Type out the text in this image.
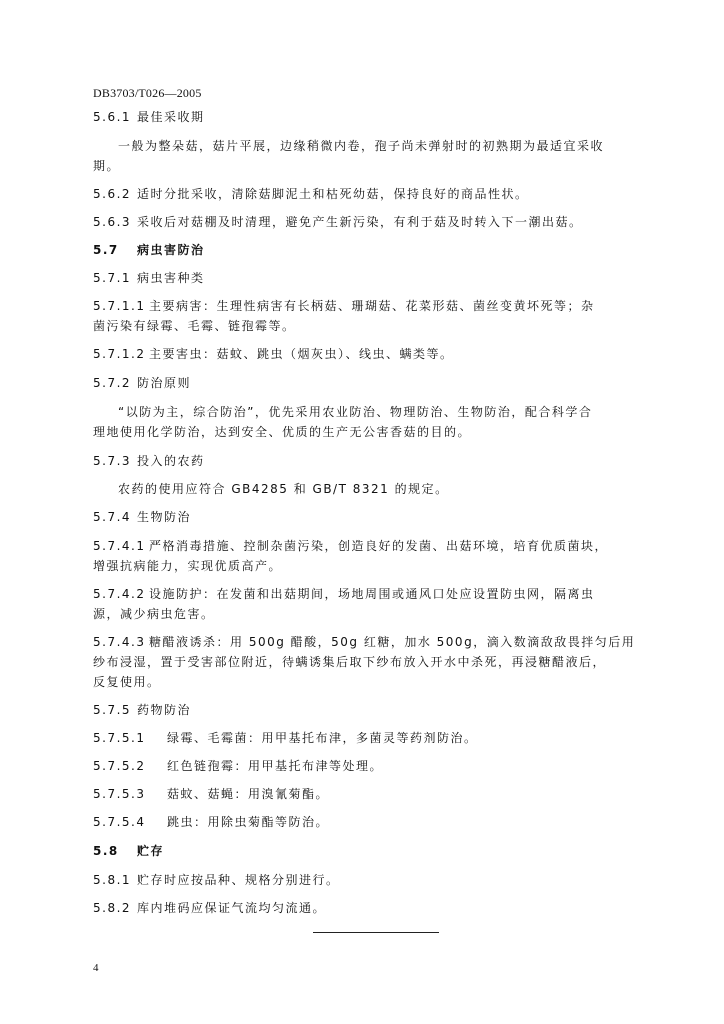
DB3703/T026—2005
5.6.1 最佳采收期
一般为整朵菇，菇片平展，边缘稍微内卷，孢子尚未弹射时的初熟期为最适宜采收
期。
5.6.2 适时分批采收，清除菇脚泥土和枯死幼菇，保持良好的商品性状。
5.6.3 采收后对菇棚及时清理，避免产生新污染，有利于菇及时转入下一潮出菇。
5.7 病虫害防治
5.7.1 病虫害种类
5.7.1.1 主要病害：生理性病害有长柄菇、珊瑚菇、花菜形菇、菌丝变黄坏死等；杂
菌污染有绿霉、毛霉、链孢霉等。
5.7.1.2 主要害虫：菇蚊、跳虫（烟灰虫）、线虫、螨类等。
5.7.2 防治原则
“以防为主，综合防治”，优先采用农业防治、物理防治、生物防治，配合科学合
理地使用化学防治，达到安全、优质的生产无公害香菇的目的。
5.7.3 投入的农药
农药的使用应符合 GB4285 和 GB/T 8321 的规定。
5.7.4 生物防治
5.7.4.1 严格消毒措施、控制杂菌污染，创造良好的发菌、出菇环境，培育优质菌块，
增强抗病能力，实现优质高产。
5.7.4.2 设施防护：在发菌和出菇期间，场地周围或通风口处应设置防虫网，隔离虫
源，减少病虫危害。
5.7.4.3 糖醋液诱杀：用 500g 醋酸，50g 红糖，加水 500g，滴入数滴敌敌畏拌匀后用
纱布浸湿，置于受害部位附近，待螨诱集后取下纱布放入开水中杀死，再浸糖醋液后，
反复使用。
5.7.5 药物防治
5.7.5.1 绿霉、毛霉菌：用甲基托布津，多菌灵等药剂防治。
5.7.5.2 红色链孢霉：用甲基托布津等处理。
5.7.5.3 菇蚊、菇蝇：用溴氰菊酯。
5.7.5.4 跳虫：用除虫菊酯等防治。
5.8 贮存
5.8.1 贮存时应按品种、规格分别进行。
5.8.2 库内堆码应保证气流均匀流通。
4
